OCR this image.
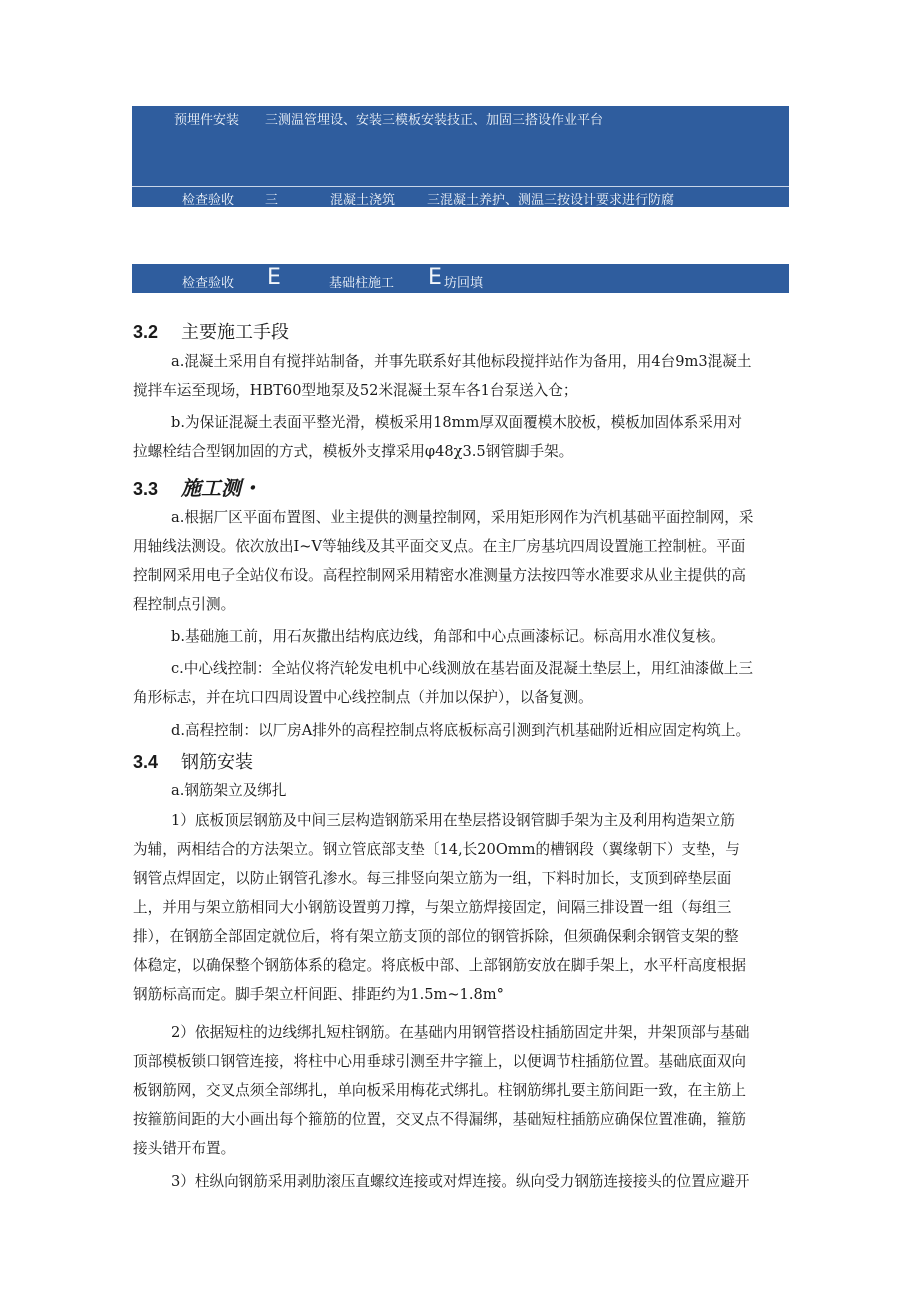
预埋件安装 三测温管埋设、安装三模板安装技正、加固三搭设作业平台
检查验收 三	混凝土浇筑 三混凝土养护、测温三按设计要求进行防腐
检查验收 E	基础柱施工 E 坊回填
3.2 主要施工手段
a.混凝土采用自有搅拌站制备，并事先联系好其他标段搅拌站作为备用，用4台9m3混凝土
搅拌车运至现场，HBT60型地泵及52米混凝土泵车各1台泵送入仓；
b.为保证混凝土表面平整光滑，模板采用18mm厚双面覆模木胶板，模板加固体系采用对
拉螺栓结合型钢加固的方式，模板外支撑采用φ48χ3.5钢管脚手架。
3.3 施工测・
a.根据厂区平面布置图、业主提供的测量控制网，采用矩形网作为汽机基础平面控制网，采
用轴线法测设。依次放出I~V等轴线及其平面交叉点。在主厂房基坑四周设置施工控制桩。平面
控制网采用电子全站仪布设。高程控制网采用精密水准测量方法按四等水准要求从业主提供的高
程控制点引测。
b.基础施工前，用石灰撒出结构底边线，角部和中心点画漆标记。标高用水准仪复核。
c.中心线控制：全站仪将汽轮发电机中心线测放在基岩面及混凝土垫层上，用红油漆做上三
角形标志，并在坑口四周设置中心线控制点（并加以保护），以备复测。
d.高程控制：以厂房A排外的高程控制点将底板标高引测到汽机基础附近相应固定构筑上。
3.4 钢筋安装
a.钢筋架立及绑扎
1）底板顶层钢筋及中间三层构造钢筋采用在垫层搭设钢管脚手架为主及利用构造架立筋
为辅，两相结合的方法架立。钢立管底部支垫〔14,长20Omm的槽钢段（翼缘朝下）支垫，与
钢管点焊固定，以防止钢管孔渗水。每三排竖向架立筋为一组，下料时加长，支顶到碎垫层面
上，并用与架立筋相同大小钢筋设置剪刀撑，与架立筋焊接固定，间隔三排设置一组（每组三
排），在钢筋全部固定就位后，将有架立筋支顶的部位的钢管拆除，但须确保剩余钢管支架的整
体稳定，以确保整个钢筋体系的稳定。将底板中部、上部钢筋安放在脚手架上，水平杆高度根据
钢筋标高而定。脚手架立杆间距、排距约为1.5m~1.8m°
2）依据短柱的边线绑扎短柱钢筋。在基础内用钢管搭设柱插筋固定井架，井架顶部与基础
顶部模板锁口钢管连接，将柱中心用垂球引测至井字箍上，以便调节柱插筋位置。基础底面双向
板钢筋网，交叉点须全部绑扎，单向板采用梅花式绑扎。柱钢筋绑扎要主筋间距一致，在主筋上
按箍筋间距的大小画出每个箍筋的位置，交叉点不得漏绑，基础短柱插筋应确保位置准确，箍筋
接头错开布置。
3）柱纵向钢筋采用剥肋滚压直螺纹连接或对焊连接。纵向受力钢筋连接接头的位置应避开
